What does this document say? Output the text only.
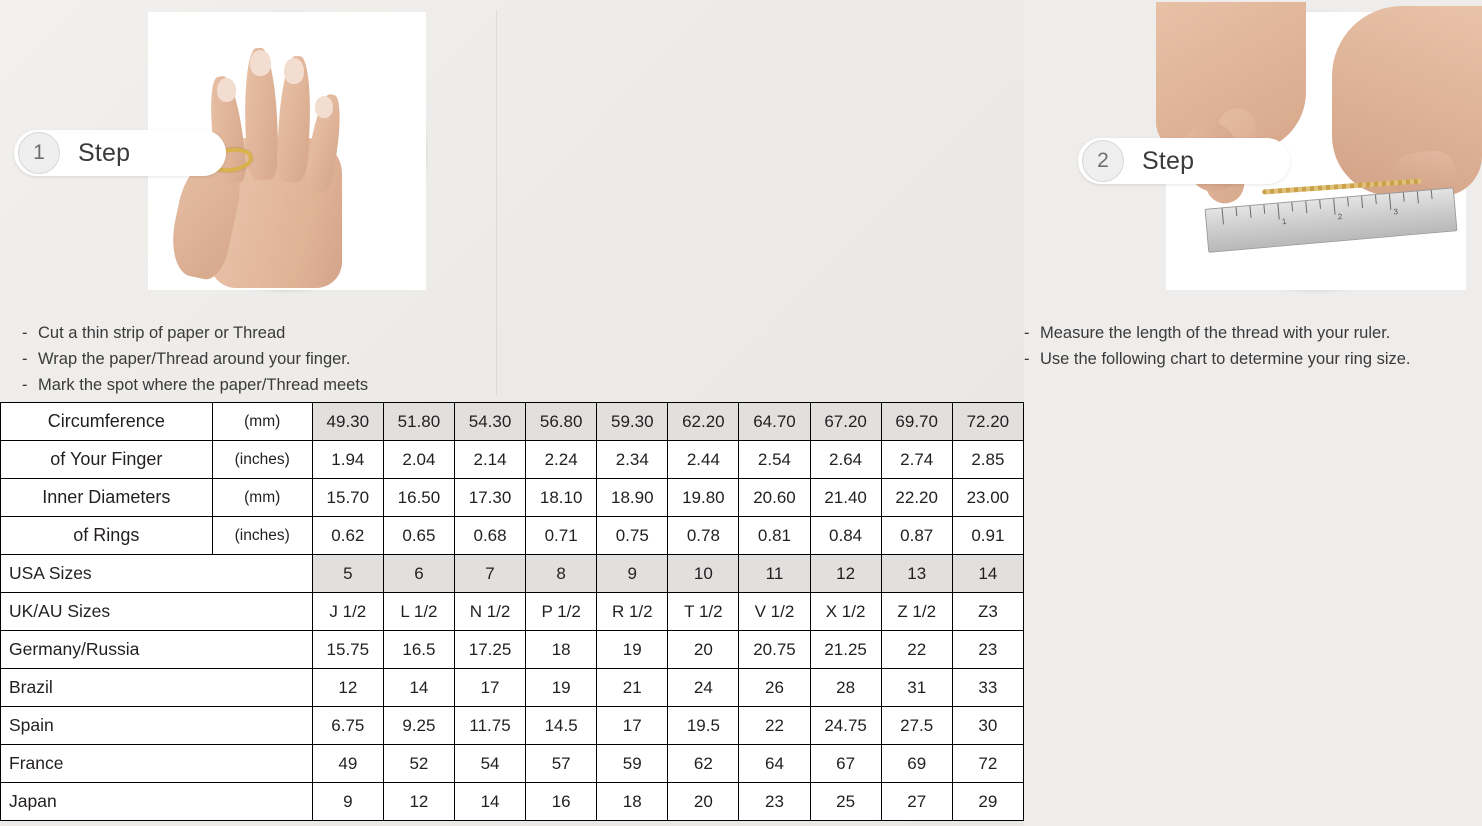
1	Step
- Cut a thin strip of paper or Thread
- Wrap the paper/Thread around your finger.
- Mark the spot where the paper/Thread meets
1
2
3
2	Step
- Measure the length of the thread with your ruler.
- Use the following chart to determine your ring size.
Circumference	(mm)	49.30	51.80	54.30	56.80	59.30	62.20	64.70	67.20	69.70	72.20
of Your Finger	(inches)	1.94	2.04	2.14	2.24	2.34	2.44	2.54	2.64	2.74	2.85
Inner Diameters	(mm)	15.70	16.50	17.30	18.10	18.90	19.80	20.60	21.40	22.20	23.00
of Rings	(inches)	0.62	0.65	0.68	0.71	0.75	0.78	0.81	0.84	0.87	0.91
USA Sizes		5	6	7	8	9	10	11	12	13	14
UK/AU Sizes		J 1/2	L 1/2	N 1/2	P 1/2	R 1/2	T 1/2	V 1/2	X 1/2	Z 1/2	Z3
Germany/Russia		15.75	16.5	17.25	18	19	20	20.75	21.25	22	23
Brazil		12	14	17	19	21	24	26	28	31	33
Spain		6.75	9.25	11.75	14.5	17	19.5	22	24.75	27.5	30
France		49	52	54	57	59	62	64	67	69	72
Japan		9	12	14	16	18	20	23	25	27	29
